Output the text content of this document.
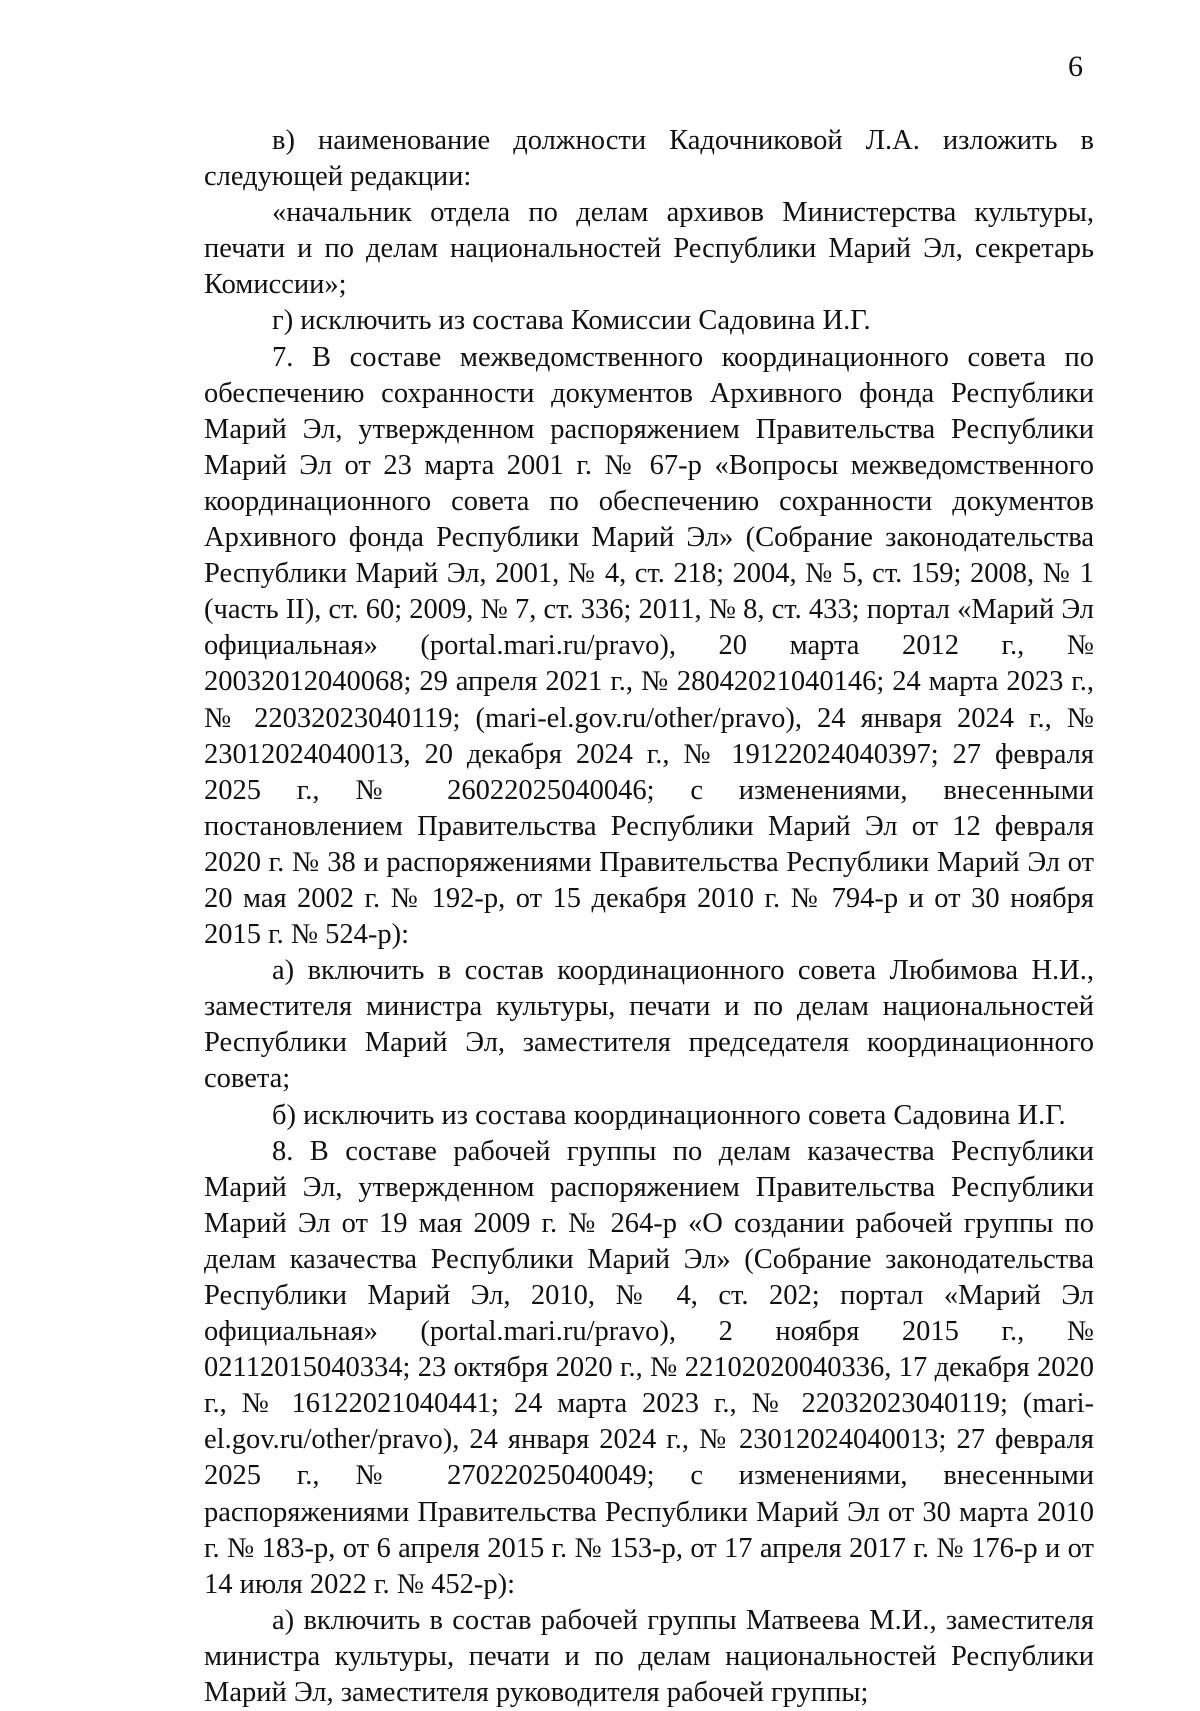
6

в) наименование должности Кадочниковой Л.А. изложить в следующей редакции:

«начальник отдела по делам архивов Министерства культуры, печати и по делам национальностей Республики Марий Эл, секретарь Комиссии»;

г) исключить из состава Комиссии Садовина И.Г.

7. В составе межведомственного координационного совета по обеспечению сохранности документов Архивного фонда Республики Марий Эл, утвержденном распоряжением Правительства Республики Марий Эл от 23 марта 2001 г. № 67-р «Вопросы межведомственного координационного совета по обеспечению сохранности документов Архивного фонда Республики Марий Эл» (Собрание законодательства Республики Марий Эл, 2001, № 4, ст. 218; 2004, № 5, ст. 159; 2008, № 1 (часть II), ст. 60; 2009, № 7, ст. 336; 2011, № 8, ст. 433; портал «Марий Эл официальная» (portal.mari.ru/pravo), 20 марта 2012 г., № 20032012040068; 29 апреля 2021 г., № 28042021040146; 24 марта 2023 г., № 22032023040119; (mari-el.gov.ru/other/pravo), 24 января 2024 г., № 23012024040013, 20 декабря 2024 г., № 19122024040397; 27 февраля 2025 г., № 26022025040046; с изменениями, внесенными постановлением Правительства Республики Марий Эл от 12 февраля 2020 г. № 38 и распоряжениями Правительства Республики Марий Эл от 20 мая 2002 г. № 192-р, от 15 декабря 2010 г. № 794-р и от 30 ноября 2015 г. № 524-р):

а) включить в состав координационного совета Любимова Н.И., заместителя министра культуры, печати и по делам национальностей Республики Марий Эл, заместителя председателя координационного совета;

б) исключить из состава координационного совета Садовина И.Г.

8. В составе рабочей группы по делам казачества Республики Марий Эл, утвержденном распоряжением Правительства Республики Марий Эл от 19 мая 2009 г. № 264-р «О создании рабочей группы по делам казачества Республики Марий Эл» (Собрание законодательства Республики Марий Эл, 2010, № 4, ст. 202; портал «Марий Эл официальная» (portal.mari.ru/pravo), 2 ноября 2015 г., № 02112015040334; 23 октября 2020 г., № 22102020040336, 17 декабря 2020 г., № 16122021040441; 24 марта 2023 г., № 22032023040119; (mari-el.gov.ru/other/pravo), 24 января 2024 г., № 23012024040013; 27 февраля 2025 г., № 27022025040049; с изменениями, внесенными распоряжениями Правительства Республики Марий Эл от 30 марта 2010 г. № 183-р, от 6 апреля 2015 г. № 153-р, от 17 апреля 2017 г. № 176-р и от 14 июля 2022 г. № 452-р):

а) включить в состав рабочей группы Матвеева М.И., заместителя министра культуры, печати и по делам национальностей Республики Марий Эл, заместителя руководителя рабочей группы;
